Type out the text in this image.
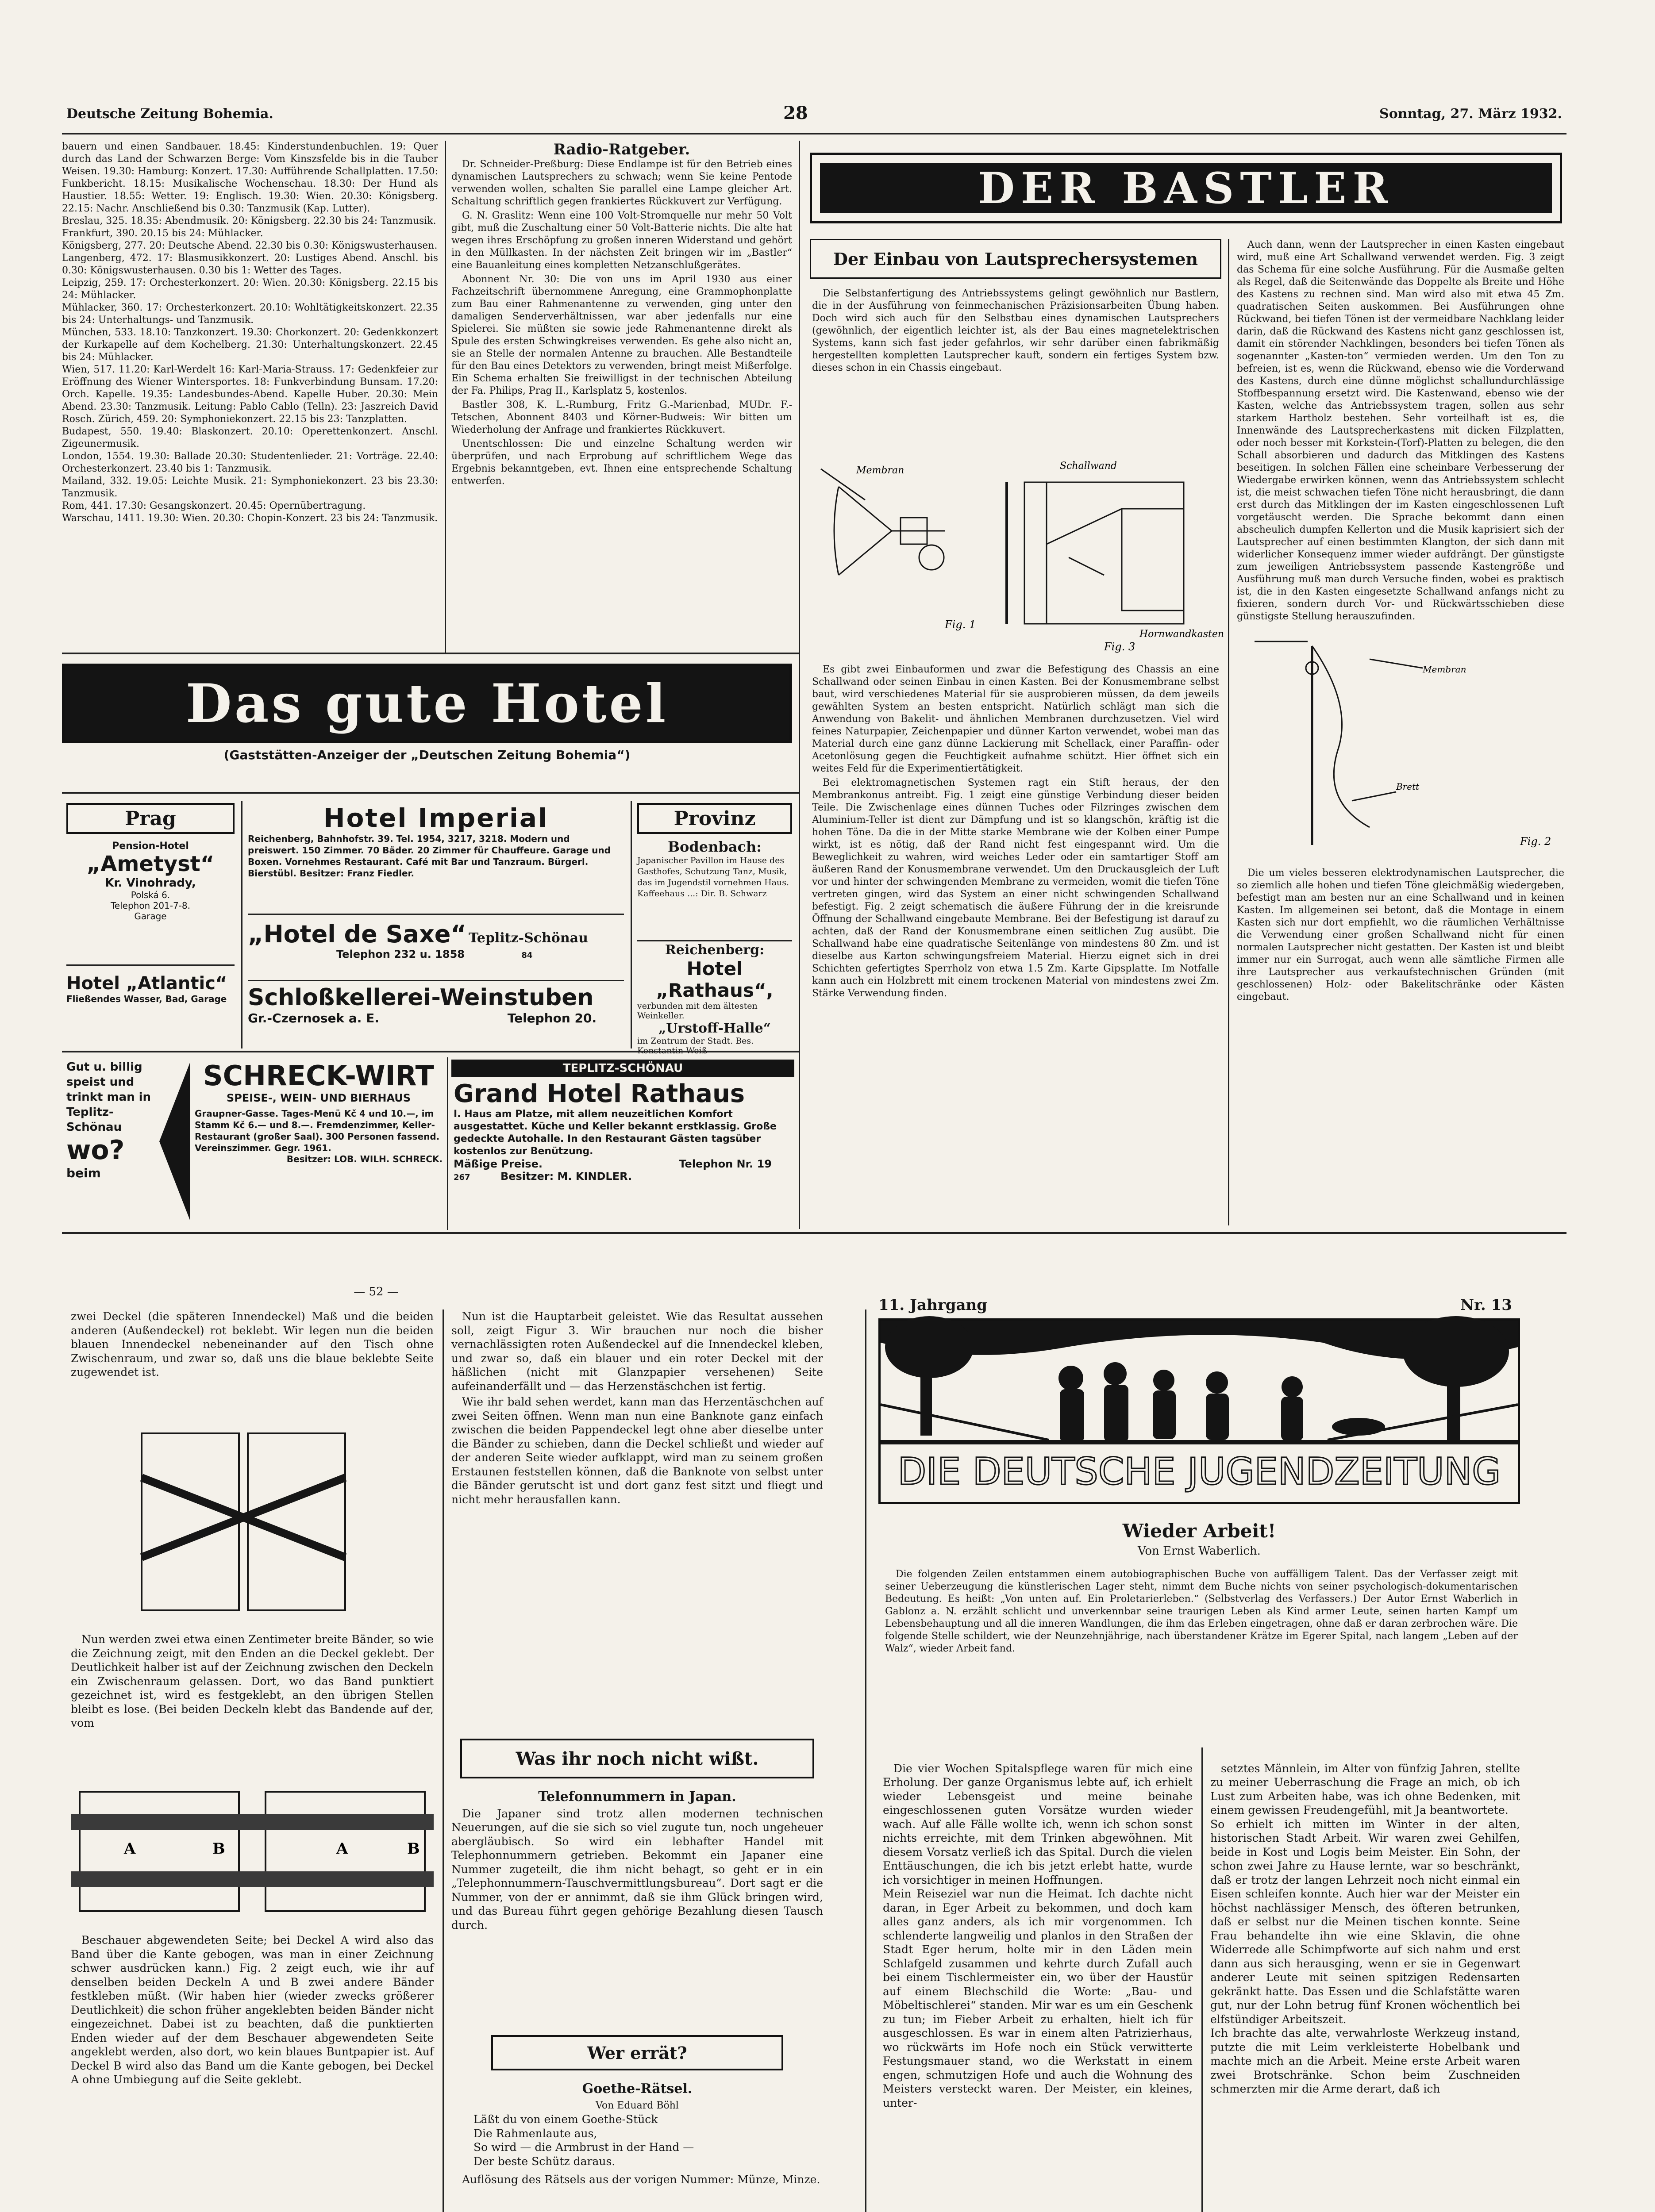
Deutsche Zeitung Bohemia.	28	Sonntag, 27. März 1932.
bauern und einen Sandbauer. 18.45: Kinderstundenbuchlen. 19: Quer durch das Land der Schwarzen Berge: Vom Kinszsfelde bis in die Tauber Weisen. 19.30: Hamburg: Konzert. 17.30: Aufführende Schallplatten. 17.50: Funkbericht. 18.15: Musikalische Wochenschau. 18.30: Der Hund als Haustier. 18.55: Wetter. 19: Englisch. 19.30: Wien. 20.30: Königsberg. 22.15: Nachr. Anschließend bis 0.30: Tanzmusik (Kap. Lutter).
Breslau, 325. 18.35: Abendmusik. 20: Königsberg. 22.30 bis 24: Tanzmusik.
Frankfurt, 390. 20.15 bis 24: Mühlacker.
Königsberg, 277. 20: Deutsche Abend. 22.30 bis 0.30: Königswusterhausen.
Langenberg, 472. 17: Blasmusikkonzert. 20: Lustiges Abend. Anschl. bis 0.30: Königswusterhausen. 0.30 bis 1: Wetter des Tages.
Leipzig, 259. 17: Orchesterkonzert. 20: Wien. 20.30: Königsberg. 22.15 bis 24: Mühlacker.
Mühlacker, 360. 17: Orchesterkonzert. 20.10: Wohltätigkeitskonzert. 22.35 bis 24: Unterhaltungs- und Tanzmusik.
München, 533. 18.10: Tanzkonzert. 19.30: Chorkonzert. 20: Gedenkkonzert der Kurkapelle auf dem Kochelberg. 21.30: Unterhaltungskonzert. 22.45 bis 24: Mühlacker.
Wien, 517. 11.20: Karl-Werdelt 16: Karl-Maria-Strauss. 17: Gedenkfeier zur Eröffnung des Wiener Wintersportes. 18: Funkverbindung Bunsam. 17.20: Orch. Kapelle. 19.35: Landesbundes-Abend. Kapelle Huber. 20.30: Mein Abend. 23.30: Tanzmusik. Leitung: Pablo Cablo (Telln). 23: Jaszreich David Rosch. Zürich, 459. 20: Symphoniekonzert. 22.15 bis 23: Tanzplatten.
Budapest, 550. 19.40: Blaskonzert. 20.10: Operettenkonzert. Anschl. Zigeunermusik.
London, 1554. 19.30: Ballade 20.30: Studentenlieder. 21: Vorträge. 22.40: Orchesterkonzert. 23.40 bis 1: Tanzmusik.
Mailand, 332. 19.05: Leichte Musik. 21: Symphoniekonzert. 23 bis 23.30: Tanzmusik.
Rom, 441. 17.30: Gesangskonzert. 20.45: Opernübertragung.
Warschau, 1411. 19.30: Wien. 20.30: Chopin-Konzert. 23 bis 24: Tanzmusik.
Radio-Ratgeber.

Dr. Schneider-Preßburg: Diese Endlampe ist für den Betrieb eines dynamischen Lautsprechers zu schwach; wenn Sie keine Pentode verwenden wollen, schalten Sie parallel eine Lampe gleicher Art. Schaltung schriftlich gegen frankiertes Rückkuvert zur Verfügung.

G. N. Graslitz: Wenn eine 100 Volt-Stromquelle nur mehr 50 Volt gibt, muß die Zuschaltung einer 50 Volt-Batterie nichts. Die alte hat wegen ihres Erschöpfung zu großen inneren Widerstand und gehört in den Müllkasten. In der nächsten Zeit bringen wir im „Bastler“ eine Bauanleitung eines kompletten Netzanschlußgerätes.

Abonnent Nr. 30: Die von uns im April 1930 aus einer Fachzeitschrift übernommene Anregung, eine Grammophonplatte zum Bau einer Rahmenantenne zu verwenden, ging unter den damaligen Senderverhältnissen, war aber jedenfalls nur eine Spielerei. Sie müßten sie sowie jede Rahmenantenne direkt als Spule des ersten Schwingkreises verwenden. Es gehe also nicht an, sie an Stelle der normalen Antenne zu brauchen. Alle Bestandteile für den Bau eines Detektors zu verwenden, bringt meist Mißerfolge. Ein Schema erhalten Sie freiwilligst in der technischen Abteilung der Fa. Philips, Prag II., Karlsplatz 5, kostenlos.

Bastler 308, K. L.-Rumburg, Fritz G.-Marienbad, MUDr. F.-Tetschen, Abonnent 8403 und Körner-Budweis: Wir bitten um Wiederholung der Anfrage und frankiertes Rückkuvert.

Unentschlossen: Die und einzelne Schaltung werden wir überprüfen, und nach Erprobung auf schriftlichem Wege das Ergebnis bekanntgeben, evt. Ihnen eine entsprechende Schaltung entwerfen.

DER BASTLER
Der Einbau von Lautsprechersystemen

Die Selbstanfertigung des Antriebssystems gelingt gewöhnlich nur Bastlern, die in der Ausführung von feinmechanischen Präzisionsarbeiten Übung haben. Doch wird sich auch für den Selbstbau eines dynamischen Lautsprechers (gewöhnlich, der eigentlich leichter ist, als der Bau eines magnetelektrischen Systems, kann sich fast jeder gefahrlos, wir sehr darüber einen fabrikmäßig hergestellten kompletten Lautsprecher kauft, sondern ein fertiges System bzw. dieses schon in ein Chassis eingebaut.

Membran	Schallwand
Hornwandkasten
Fig. 1
Fig. 3

Es gibt zwei Einbauformen und zwar die Befestigung des Chassis an eine Schallwand oder seinen Einbau in einen Kasten. Bei der Konusmembrane selbst baut, wird verschiedenes Material für sie ausprobieren müssen, da dem jeweils gewählten System an besten entspricht. Natürlich schlägt man sich die Anwendung von Bakelit- und ähnlichen Membranen durchzusetzen. Viel wird feines Naturpapier, Zeichenpapier und dünner Karton verwendet, wobei man das Material durch eine ganz dünne Lackierung mit Schellack, einer Paraffin- oder Acetonlösung gegen die Feuchtigkeit aufnahme schützt. Hier öffnet sich ein weites Feld für die Experimentiertätigkeit.

Bei elektromagnetischen Systemen ragt ein Stift heraus, der den Membrankonus antreibt. Fig. 1 zeigt eine günstige Verbindung dieser beiden Teile. Die Zwischenlage eines dünnen Tuches oder Filzringes zwischen dem Aluminium-Teller ist dient zur Dämpfung und ist so klangschön, kräftig ist die hohen Töne. Da die in der Mitte starke Membrane wie der Kolben einer Pumpe wirkt, ist es nötig, daß der Rand nicht fest eingespannt wird. Um die Beweglichkeit zu wahren, wird weiches Leder oder ein samtartiger Stoff am äußeren Rand der Konusmembrane verwendet. Um den Druckausgleich der Luft vor und hinter der schwingenden Membrane zu vermeiden, womit die tiefen Töne vertreten gingen, wird das System an einer nicht schwingenden Schallwand befestigt. Fig. 2 zeigt schematisch die äußere Führung der in die kreisrunde Öffnung der Schallwand eingebaute Membrane. Bei der Befestigung ist darauf zu achten, daß der Rand der Konusmembrane einen seitlichen Zug ausübt. Die Schallwand habe eine quadratische Seitenlänge von mindestens 80 Zm. und ist dieselbe aus Karton schwingungsfreiem Material. Hierzu eignet sich in drei Schichten gefertigtes Sperrholz von etwa 1.5 Zm. Karte Gipsplatte. Im Notfalle kann auch ein Holzbrett mit einem trockenen Material von mindestens zwei Zm. Stärke Verwendung finden.

Auch dann, wenn der Lautsprecher in einen Kasten eingebaut wird, muß eine Art Schallwand verwendet werden. Fig. 3 zeigt das Schema für eine solche Ausführung. Für die Ausmaße gelten als Regel, daß die Seitenwände das Doppelte als Breite und Höhe des Kastens zu rechnen sind. Man wird also mit etwa 45 Zm. quadratischen Seiten auskommen. Bei Ausführungen ohne Rückwand, bei tiefen Tönen ist der vermeidbare Nachklang leider darin, daß die Rückwand des Kastens nicht ganz geschlossen ist, damit ein störender Nachklingen, besonders bei tiefen Tönen als sogenannter „Kasten-ton“ vermieden werden. Um den Ton zu befreien, ist es, wenn die Rückwand, ebenso wie die Vorderwand des Kastens, durch eine dünne möglichst schallundurchlässige Stoffbespannung ersetzt wird. Die Kastenwand, ebenso wie der Kasten, welche das Antriebssystem tragen, sollen aus sehr starkem Hartholz bestehen. Sehr vorteilhaft ist es, die Innenwände des Lautsprecherkastens mit dicken Filzplatten, oder noch besser mit Korkstein-(Torf)-Platten zu belegen, die den Schall absorbieren und dadurch das Mitklingen des Kastens beseitigen. In solchen Fällen eine scheinbare Verbesserung der Wiedergabe erwirken können, wenn das Antriebssystem schlecht ist, die meist schwachen tiefen Töne nicht herausbringt, die dann erst durch das Mitklingen der im Kasten eingeschlossenen Luft vorgetäuscht werden. Die Sprache bekommt dann einen abscheulich dumpfen Kellerton und die Musik kaprisiert sich der Lautsprecher auf einen bestimmten Klangton, der sich dann mit widerlicher Konsequenz immer wieder aufdrängt. Der günstigste zum jeweiligen Antriebssystem passende Kastengröße und Ausführung muß man durch Versuche finden, wobei es praktisch ist, die in den Kasten eingesetzte Schallwand anfangs nicht zu fixieren, sondern durch Vor- und Rückwärtsschieben diese günstigste Stellung herauszufinden.

Fig. 2
Membran
Brett

Die um vieles besseren elektrodynamischen Lautsprecher, die so ziemlich alle hohen und tiefen Töne gleichmäßig wiedergeben, befestigt man am besten nur an eine Schallwand und in keinen Kasten. Im allgemeinen sei betont, daß die Montage in einem Kasten sich nur dort empfiehlt, wo die räumlichen Verhältnisse die Verwendung einer großen Schallwand nicht für einen normalen Lautsprecher nicht gestatten. Der Kasten ist und bleibt immer nur ein Surrogat, auch wenn alle sämtliche Firmen alle ihre Lautsprecher aus verkaufstechnischen Gründen (mit geschlossenen) Holz- oder Bakelitschränke oder Kästen eingebaut.

Das gute Hotel
(Gaststätten-Anzeiger der „Deutschen Zeitung Bohemia“)
Prag
Pension-Hotel
„Ametyst“
Kr. Vinohrady,
Polská 6.
Telephon 201-7-8.
Garage
Hotel „Atlantic“
Fließendes Wasser, Bad, Garage
Hotel Imperial
Reichenberg, Bahnhofstr. 39. Tel. 1954, 3217, 3218. Modern und preiswert. 150 Zimmer. 70 Bäder. 20 Zimmer für Chauffeure. Garage und Boxen. Vornehmes Restaurant. Café mit Bar und Tanzraum. Bürgerl. Bierstübl. Besitzer: Franz Fiedler.
„Hotel de Saxe“ Teplitz-Schönau
Telephon 232 u. 1858	84
Schloßkellerei-Weinstuben
Gr.-Czernosek a. E.	Telephon 20.
Provinz
Bodenbach:
Japanischer Pavillon im Hause des Gasthofes, Schutzung Tanz, Musik, das im Jugendstil vornehmen Haus. Kaffeehaus ...: Dir. B. Schwarz
Reichenberg:
Hotel „Rathaus“,
verbunden mit dem ältesten Weinkeller.
„Urstoff-Halle“
im Zentrum der Stadt. Bes.
Gut u. billig speist und trinkt man in Teplitz-Schönau
wo?
beim
SCHRECK-WIRT
SPEISE-, WEIN- UND BIERHAUS
Graupner-Gasse. Tages-Menü Kč 4 und 10.—, im Stamm Kč 6.— und 8.—. Fremdenzimmer, Keller-Restaurant (großer Saal). 300 Personen fassend. Vereinszimmer. Gegr. 1961.
Besitzer: LOB. WILH. SCHRECK.
TEPLITZ-SCHÖNAU
Grand Hotel Rathaus
I. Haus am Platze, mit allem neuzeitlichen Komfort ausgestattet. Küche und Keller bekannt erstklassig. Große gedeckte Autohalle. In den Restaurant Gästen tagsüber kostenlos zur Benützung.
Mäßige Preise.	Telephon Nr. 19
267	Besitzer: M. KINDLER.
— 52 —

zwei Deckel (die späteren Innendeckel) Maß und die beiden anderen (Außendeckel) rot beklebt. Wir legen nun die beiden blauen Innendeckel nebeneinander auf den Tisch ohne Zwischenraum, und zwar so, daß uns die blaue beklebte Seite zugewendet ist.

Nun werden zwei etwa einen Zentimeter breite Bänder, so wie die Zeichnung zeigt, mit den Enden an die Deckel geklebt. Der Deutlichkeit halber ist auf der Zeichnung zwischen den Deckeln ein Zwischenraum gelassen. Dort, wo das Band punktiert gezeichnet ist, wird es festgeklebt, an den übrigen Stellen bleibt es lose. (Bei beiden Deckeln klebt das Bandende auf der, vom

A	B	A	B

Beschauer abgewendeten Seite; bei Deckel A wird also das Band über die Kante gebogen, was man in einer Zeichnung schwer ausdrücken kann.) Fig. 2 zeigt euch, wie ihr auf denselben beiden Deckeln A und B zwei andere Bänder festkleben müßt. (Wir haben hier (wieder zwecks größerer Deutlichkeit) die schon früher angeklebten beiden Bänder nicht eingezeichnet. Dabei ist zu beachten, daß die punktierten Enden wieder auf der dem Beschauer abgewendeten Seite angeklebt werden, also dort, wo kein blaues Buntpapier ist. Auf Deckel B wird also das Band um die Kante gebogen, bei Deckel A ohne Umbiegung auf die Seite geklebt.

Nun ist die Hauptarbeit geleistet. Wie das Resultat aussehen soll, zeigt Figur 3. Wir brauchen nur noch die bisher vernachlässigten roten Außendeckel auf die Innendeckel kleben, und zwar so, daß ein blauer und ein roter Deckel mit der häßlichen (nicht mit Glanzpapier versehenen) Seite aufeinanderfällt und — das Herzenstäschchen ist fertig.

Wie ihr bald sehen werdet, kann man das Herzentäschchen auf zwei Seiten öffnen. Wenn man nun eine Banknote ganz einfach zwischen die beiden Pappendeckel legt ohne aber dieselbe unter die Bänder zu schieben, dann die Deckel schließt und wieder auf der anderen Seite wieder aufklappt, wird man zu seinem großen Erstaunen feststellen können, daß die Banknote von selbst unter die Bänder gerutscht ist und dort ganz fest sitzt und fliegt und nicht mehr herausfallen kann.

Was ihr noch nicht wißt.
Telefonnummern in Japan.

Die Japaner sind trotz allen modernen technischen Neuerungen, auf die sie sich so viel zugute tun, noch ungeheuer abergläubisch. So wird ein lebhafter Handel mit Telephonnummern getrieben. Bekommt ein Japaner eine Nummer zugeteilt, die ihm nicht behagt, so geht er in ein „Telephonnummern-Tauschvermittlungsbureau“. Dort sagt er die Nummer, von der er annimmt, daß sie ihm Glück bringen wird, und das Bureau führt gegen gehörige Bezahlung diesen Tausch durch.

Wer errät?
Goethe-Rätsel.
Von Eduard Böhl
Läßt du von einem Goethe-Stück
Die Rahmenlaute aus,
So wird — die Armbrust in der Hand —
Der beste Schütz daraus.

Auflösung des Rätsels aus der vorigen Nummer: Münze, Minze.

11. Jahrgang	Nr. 13
DIE DEUTSCHE JUGENDZEITUNG
Wieder Arbeit!
Von Ernst Waberlich.

Die folgenden Zeilen entstammen einem autobiographischen Buche von auffälligem Talent. Das der Verfasser zeigt mit seiner Ueberzeugung die künstlerischen Lager steht, nimmt dem Buche nichts von seiner psychologisch-dokumentarischen Bedeutung. Es heißt: „Von unten auf. Ein Proletarierleben.“ (Selbstverlag des Verfassers.) Der Autor Ernst Waberlich in Gablonz a. N. erzählt schlicht und unverkennbar seine traurigen Leben als Kind armer Leute, seinen harten Kampf um Lebensbehauptung und all die inneren Wandlungen, die ihm das Erleben eingetragen, ohne daß er daran zerbrochen wäre. Die folgende Stelle schildert, wie der Neunzehnjährige, nach überstandener Krätze im Egerer Spital, nach langem „Leben auf der Walz“, wieder Arbeit fand.

Die vier Wochen Spitalspflege waren für mich eine Erholung. Der ganze Organismus lebte auf, ich erhielt wieder Lebensgeist und meine beinahe eingeschlossenen guten Vorsätze wurden wieder wach. Auf alle Fälle wollte ich, wenn ich schon sonst nichts erreichte, mit dem Trinken abgewöhnen. Mit diesem Vorsatz verließ ich das Spital. Durch die vielen Enttäuschungen, die ich bis jetzt erlebt hatte, wurde ich vorsichtiger in meinen Hoffnungen.
Mein Reiseziel war nun die Heimat. Ich dachte nicht daran, in Eger Arbeit zu bekommen, und doch kam alles ganz anders, als ich mir vorgenommen. Ich schlenderte langweilig und planlos in den Straßen der Stadt Eger herum, holte mir in den Läden mein Schlafgeld zusammen und kehrte durch Zufall auch bei einem Tischlermeister ein, wo über der Haustür auf einem Blechschild die Worte: „Bau- und Möbeltischlerei“ standen. Mir war es um ein Geschenk zu tun; im Fieber Arbeit zu erhalten, hielt ich für ausgeschlossen. Es war in einem alten Patrizierhaus, wo rückwärts im Hofe noch ein Stück verwitterte Festungsmauer stand, wo die Werkstatt in einem engen, schmutzigen Hofe und auch die Wohnung des Meisters versteckt waren. Der Meister, ein kleines, unter-

setztes Männlein, im Alter von fünfzig Jahren, stellte zu meiner Ueberraschung die Frage an mich, ob ich Lust zum Arbeiten habe, was ich ohne Bedenken, mit einem gewissen Freudengefühl, mit Ja beantwortete.
So erhielt ich mitten im Winter in der alten, historischen Stadt Arbeit. Wir waren zwei Gehilfen, beide in Kost und Logis beim Meister. Ein Sohn, der schon zwei Jahre zu Hause lernte, war so beschränkt, daß er trotz der langen Lehrzeit noch nicht einmal ein Eisen schleifen konnte. Auch hier war der Meister ein höchst nachlässiger Mensch, des öfteren betrunken, daß er selbst nur die Meinen tischen konnte. Seine Frau behandelte ihn wie eine Sklavin, die ohne Widerrede alle Schimpfworte auf sich nahm und erst dann aus sich herausging, wenn er sie in Gegenwart anderer Leute mit seinen spitzigen Redensarten gekränkt hatte. Das Essen und die Schlafstätte waren gut, nur der Lohn betrug fünf Kronen wöchentlich bei elfstündiger Arbeitszeit.
Ich brachte das alte, verwahrloste Werkzeug instand, putzte die mit Leim verkleisterte Hobelbank und machte mich an die Arbeit. Meine erste Arbeit waren zwei Brotschränke. Schon beim Zuschneiden schmerzten mir die Arme derart, daß ich
